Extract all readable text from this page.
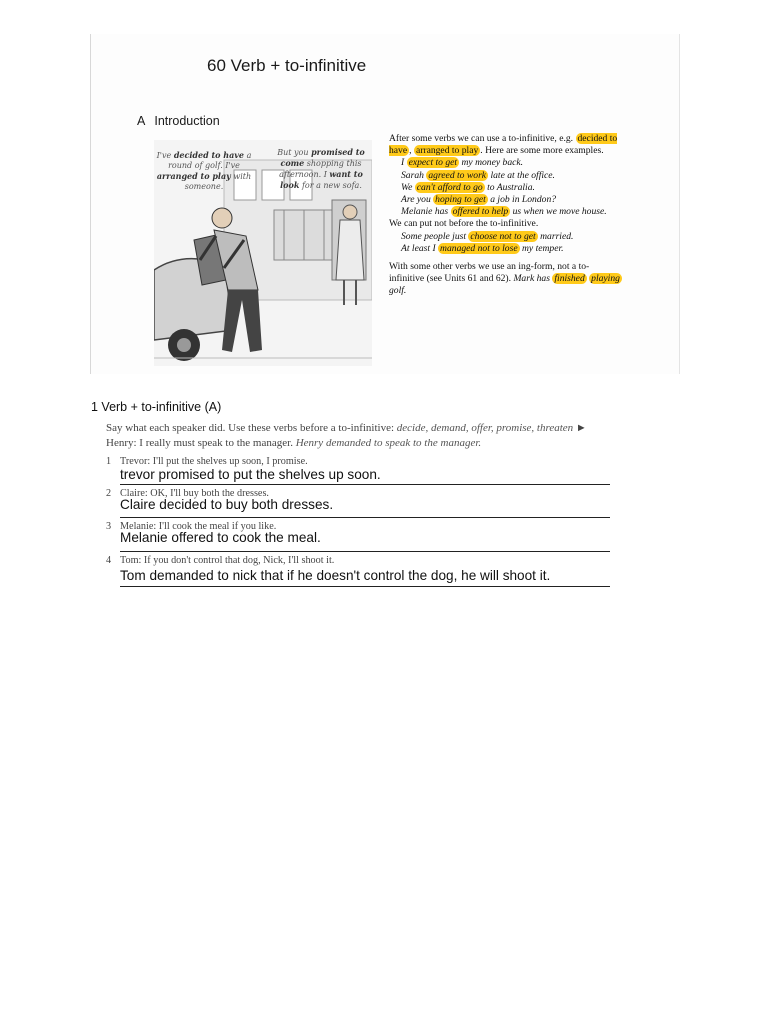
60 Verb + to-infinitive
A Introduction
I've decided to have a round of golf. I've arranged to play with someone.
But you promised to come shopping this afternoon. I want to look for a new sofa.

After some verbs we can use a to-infinitive, e.g. decided to have , arranged to play . Here are some more examples.

I expect to get my money back.

Sarah agreed to work late at the office.

We can't afford to go to Australia.

Are you hoping to get a job in London?

Melanie has offered to help us when we move house.

We can put not before the to-infinitive.

Some people just choose not to get married.

At least I managed not to lose my temper.

With some other verbs we use an ing-form, not a to-infinitive (see Units 61 and 62). Mark has finished playing golf.

1 Verb + to-infinitive (A)
Say what each speaker did. Use these verbs before a to-infinitive: decide, demand, offer, promise, threaten ► Henry: I really must speak to the manager. Henry demanded to speak to the manager.
1 Trevor: I'll put the shelves up soon, I promise.
trevor promised to put the shelves up soon.
2 Claire: OK, I'll buy both the dresses.
Claire decided to buy both dresses.
3 Melanie: I'll cook the meal if you like.
Melanie offered to cook the meal.
4 Tom: If you don't control that dog, Nick, I'll shoot it.
Tom demanded to nick that if he doesn't control the dog, he will shoot it.
